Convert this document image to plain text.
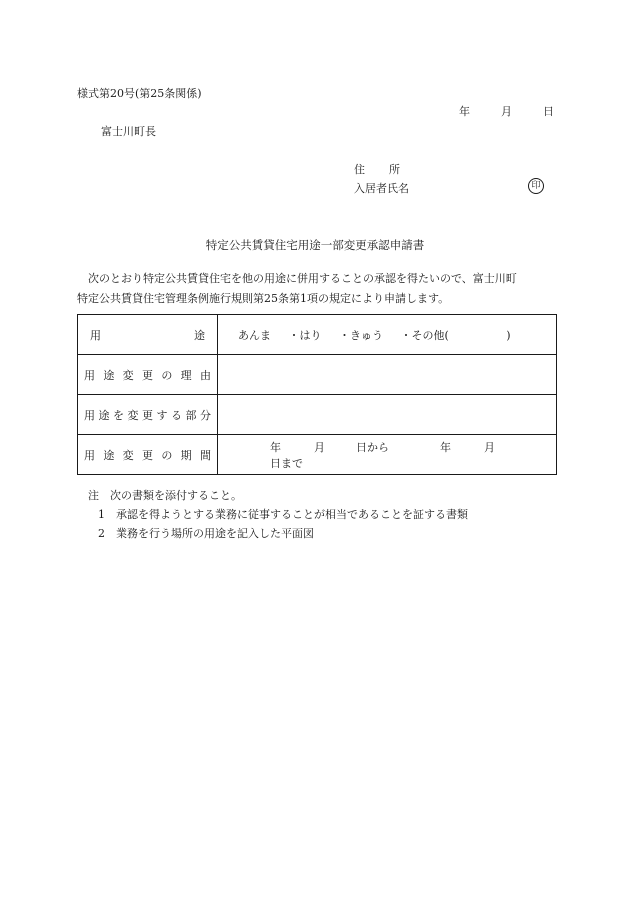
様式第20号(第25条関係)
年	月	日
富士川町長
住所
入居者氏名	印
特定公共賃貸住宅用途一部変更承認申請書

　次のとおり特定公共賃貸住宅を他の用途に併用することの承認を得たいので、富士川町

特定公共賃貸住宅管理条例施行規則第25条第1項の規定により申請します。

用 途	あんま ・はり ・きゅう ・その他( )
用途変更の理由	
用途を変更する部分	
用途変更の期間	年 月 日から 年 月  日まで

注　次の書類を添付すること。

1　承認を得ようとする業務に従事することが相当であることを証する書類

2　業務を行う場所の用途を記入した平面図
